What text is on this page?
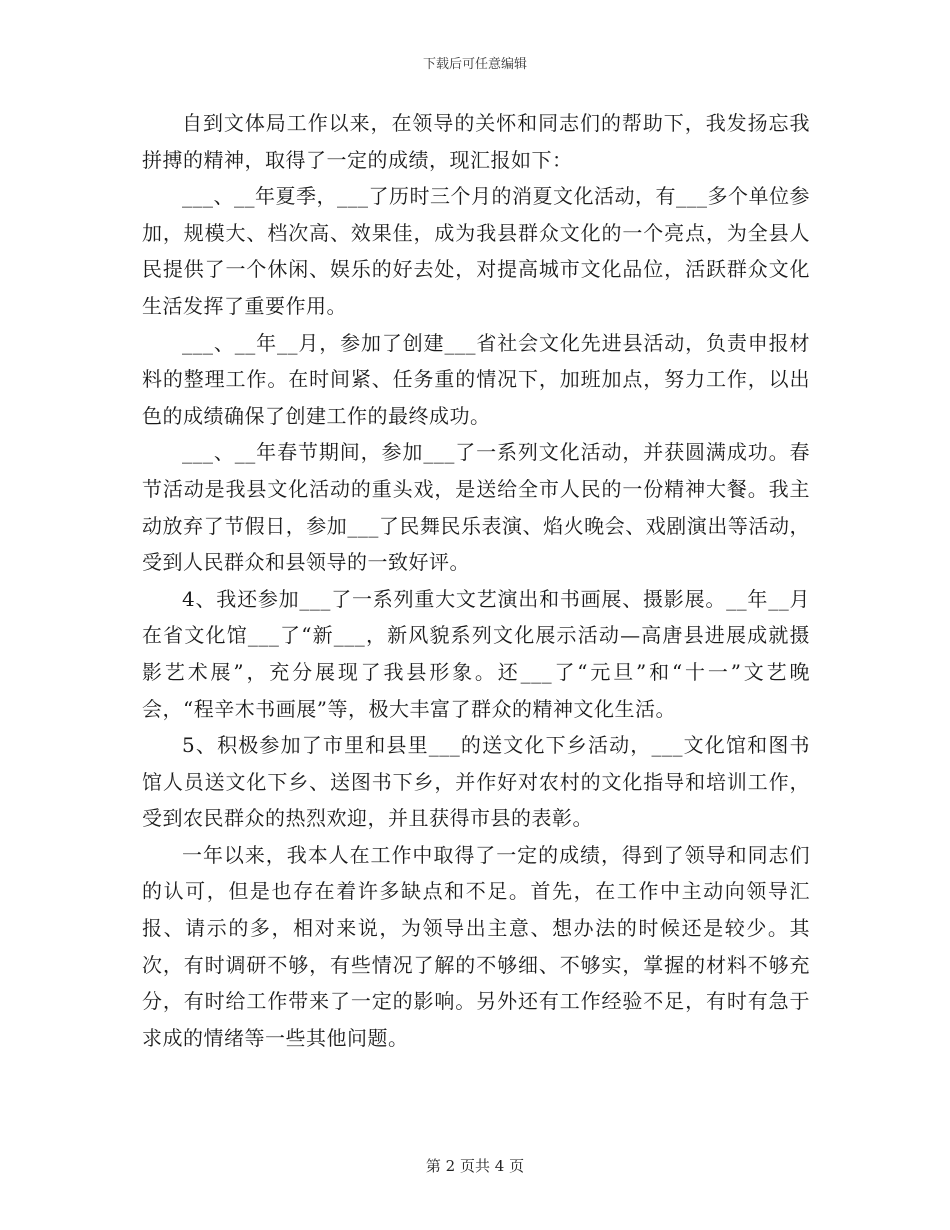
下载后可任意编辑

自到文体局工作以来，在领导的关怀和同志们的帮助下，我发扬忘我拼搏的精神，取得了一定的成绩，现汇报如下：

___、__年夏季，___了历时三个月的消夏文化活动，有___多个单位参加，规模大、档次高、效果佳，成为我县群众文化的一个亮点，为全县人民提供了一个休闲、娱乐的好去处，对提高城市文化品位，活跃群众文化生活发挥了重要作用。

___、__年__月，参加了创建___省社会文化先进县活动，负责申报材料的整理工作。在时间紧、任务重的情况下，加班加点，努力工作，以出色的成绩确保了创建工作的最终成功。

___、__年春节期间，参加___了一系列文化活动，并获圆满成功。春节活动是我县文化活动的重头戏，是送给全市人民的一份精神大餐。我主动放弃了节假日，参加___了民舞民乐表演、焰火晚会、戏剧演出等活动，受到人民群众和县领导的一致好评。

4、我还参加___了一系列重大文艺演出和书画展、摄影展。__年__月在省文化馆___了“新___，新风貌系列文化展示活动—高唐县进展成就摄影艺术展”，充分展现了我县形象。还___了“元旦”和“十一”文艺晚会，“程辛木书画展”等，极大丰富了群众的精神文化生活。

5、积极参加了市里和县里___的送文化下乡活动，___文化馆和图书馆人员送文化下乡、送图书下乡，并作好对农村的文化指导和培训工作，受到农民群众的热烈欢迎，并且获得市县的表彰。

一年以来，我本人在工作中取得了一定的成绩，得到了领导和同志们的认可，但是也存在着许多缺点和不足。首先，在工作中主动向领导汇报、请示的多，相对来说，为领导出主意、想办法的时候还是较少。其次，有时调研不够，有些情况了解的不够细、不够实，掌握的材料不够充分，有时给工作带来了一定的影响。另外还有工作经验不足，有时有急于求成的情绪等一些其他问题。

第 2 页共 4 页
